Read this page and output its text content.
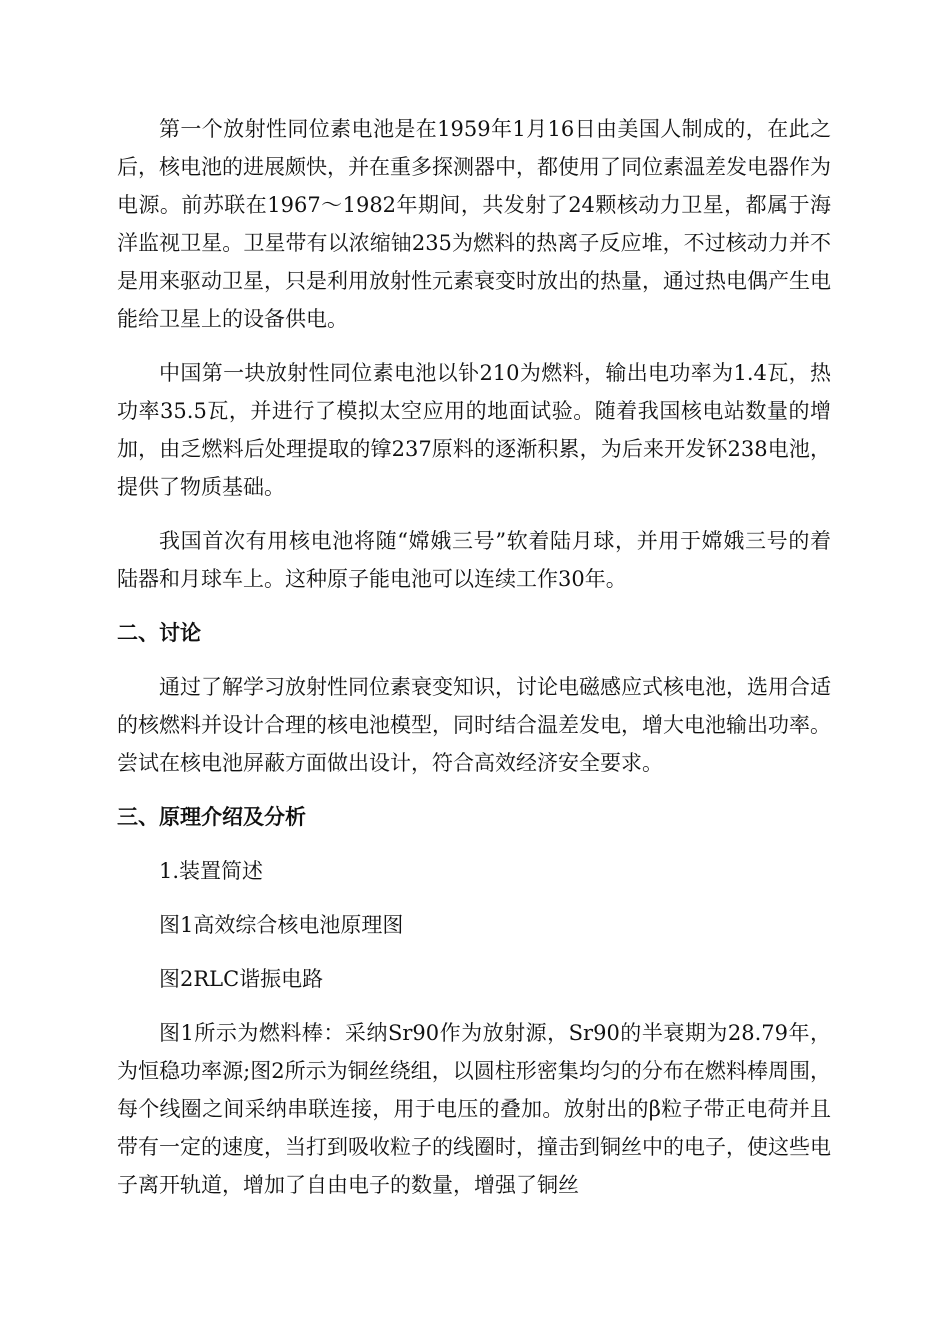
第一个放射性同位素电池是在1959年1月16日由美国人制成的，在此之后，核电池的进展颇快，并在重多探测器中，都使用了同位素温差发电器作为电源。前苏联在1967～1982年期间，共发射了24颗核动力卫星，都属于海洋监视卫星。卫星带有以浓缩铀235为燃料的热离子反应堆，不过核动力并不是用来驱动卫星，只是利用放射性元素衰变时放出的热量，通过热电偶产生电能给卫星上的设备供电。

中国第一块放射性同位素电池以钋210为燃料，输出电功率为1.4瓦，热功率35.5瓦，并进行了模拟太空应用的地面试验。随着我国核电站数量的增加，由乏燃料后处理提取的镎237原料的逐渐积累，为后来开发钚238电池，提供了物质基础。

我国首次有用核电池将随“嫦娥三号”软着陆月球，并用于嫦娥三号的着陆器和月球车上。这种原子能电池可以连续工作30年。

二、讨论

通过了解学习放射性同位素衰变知识，讨论电磁感应式核电池，选用合适的核燃料并设计合理的核电池模型，同时结合温差发电，增大电池输出功率。尝试在核电池屏蔽方面做出设计，符合高效经济安全要求。

三、原理介绍及分析
1.装置简述
图1高效综合核电池原理图
图2RLC谐振电路

图1所示为燃料棒：采纳Sr90作为放射源，Sr90的半衰期为28.79年，为恒稳功率源;图2所示为铜丝绕组，以圆柱形密集均匀的分布在燃料棒周围，每个线圈之间采纳串联连接，用于电压的叠加。放射出的β粒子带正电荷并且带有一定的速度，当打到吸收粒子的线圈时，撞击到铜丝中的电子，使这些电子离开轨道，增加了自由电子的数量，增强了铜丝
